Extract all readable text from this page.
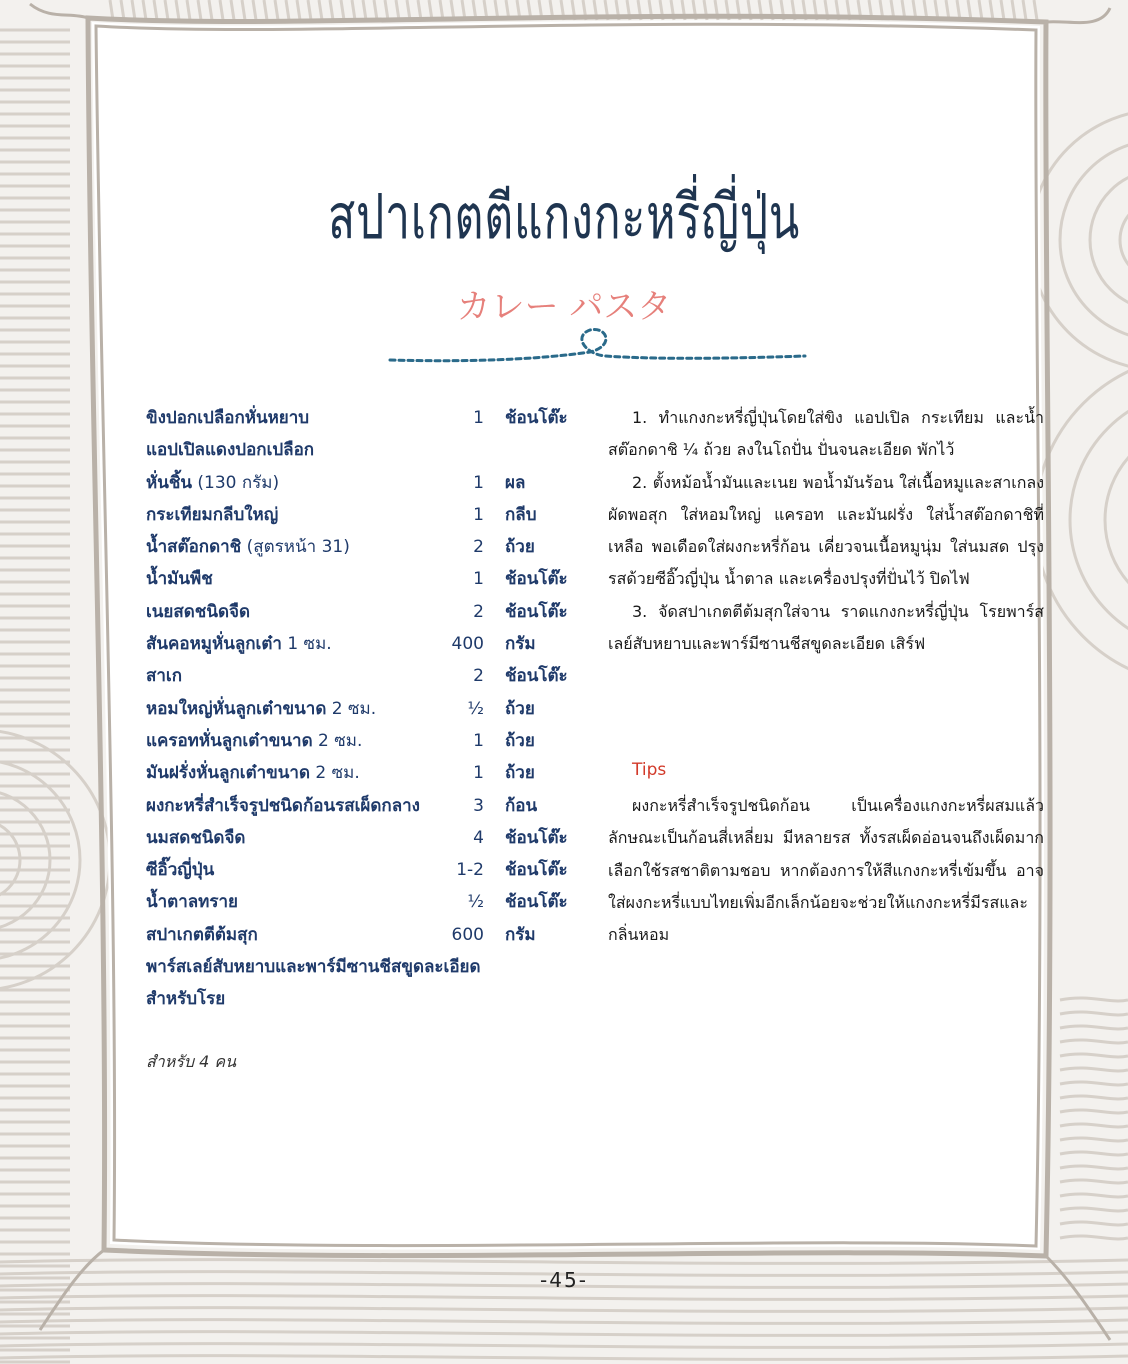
สปาเกตตีแกงกะหรี่ญี่ปุ่น
カレー パスタ
ขิงปอกเปลือกหั่นหยาบ	1 ช้อนโต๊ะ
แอปเปิลแดงปอกเปลือก
หั่นชิ้น (130 กรัม)	1 ผล
กระเทียมกลีบใหญ่	1 กลีบ
น้ำสต๊อกดาชิ (สูตรหน้า 31)	2 ถ้วย
น้ำมันพืช	1 ช้อนโต๊ะ
เนยสดชนิดจืด	2 ช้อนโต๊ะ
สันคอหมูหั่นลูกเต๋า 1 ซม.	400 กรัม
สาเก	2 ช้อนโต๊ะ
หอมใหญ่หั่นลูกเต๋าขนาด 2 ซม.	½ ถ้วย
แครอทหั่นลูกเต๋าขนาด 2 ซม.	1 ถ้วย
มันฝรั่งหั่นลูกเต๋าขนาด 2 ซม.	1 ถ้วย
ผงกะหรี่สำเร็จรูปชนิดก้อนรสเผ็ดกลาง	3 ก้อน
นมสดชนิดจืด	4 ช้อนโต๊ะ
ซีอิ๊วญี่ปุ่น	1-2 ช้อนโต๊ะ
น้ำตาลทราย	½ ช้อนโต๊ะ
สปาเกตตีต้มสุก	600 กรัม
พาร์สเลย์สับหยาบและพาร์มีซานชีสขูดละเอียด
สำหรับโรย
สำหรับ 4 คน

1. ทำแกงกะหรี่ญี่ปุ่นโดยใส่ขิง แอปเปิล กระเทียม และน้ำสต๊อกดาชิ ¼ ถ้วย ลงในโถปั่น ปั่นจนละเอียด พักไว้

2. ตั้งหม้อน้ำมันและเนย พอน้ำมันร้อน ใส่เนื้อหมูและสาเกลงผัดพอสุก ใส่หอมใหญ่ แครอท และมันฝรั่ง ใส่น้ำสต๊อกดาชิที่เหลือ พอเดือดใส่ผงกะหรี่ก้อน เคี่ยวจนเนื้อหมูนุ่ม ใส่นมสด ปรุงรสด้วยซีอิ๊วญี่ปุ่น น้ำตาล และเครื่องปรุงที่ปั่นไว้ ปิดไฟ

3. จัดสปาเกตตีต้มสุกใส่จาน ราดแกงกะหรี่ญี่ปุ่น โรยพาร์สเลย์สับหยาบและพาร์มีซานชีสขูดละเอียด เสิร์ฟ

Tips

ผงกะหรี่สำเร็จรูปชนิดก้อน เป็นเครื่องแกงกะหรี่ผสมแล้วลักษณะเป็นก้อนสี่เหลี่ยม มีหลายรส ทั้งรสเผ็ดอ่อนจนถึงเผ็ดมาก เลือกใช้รสชาติตามชอบ หากต้องการให้สีแกงกะหรี่เข้มขึ้น อาจใส่ผงกะหรี่แบบไทยเพิ่มอีกเล็กน้อยจะช่วยให้แกงกะหรี่มีรสและกลิ่นหอม

-45-
